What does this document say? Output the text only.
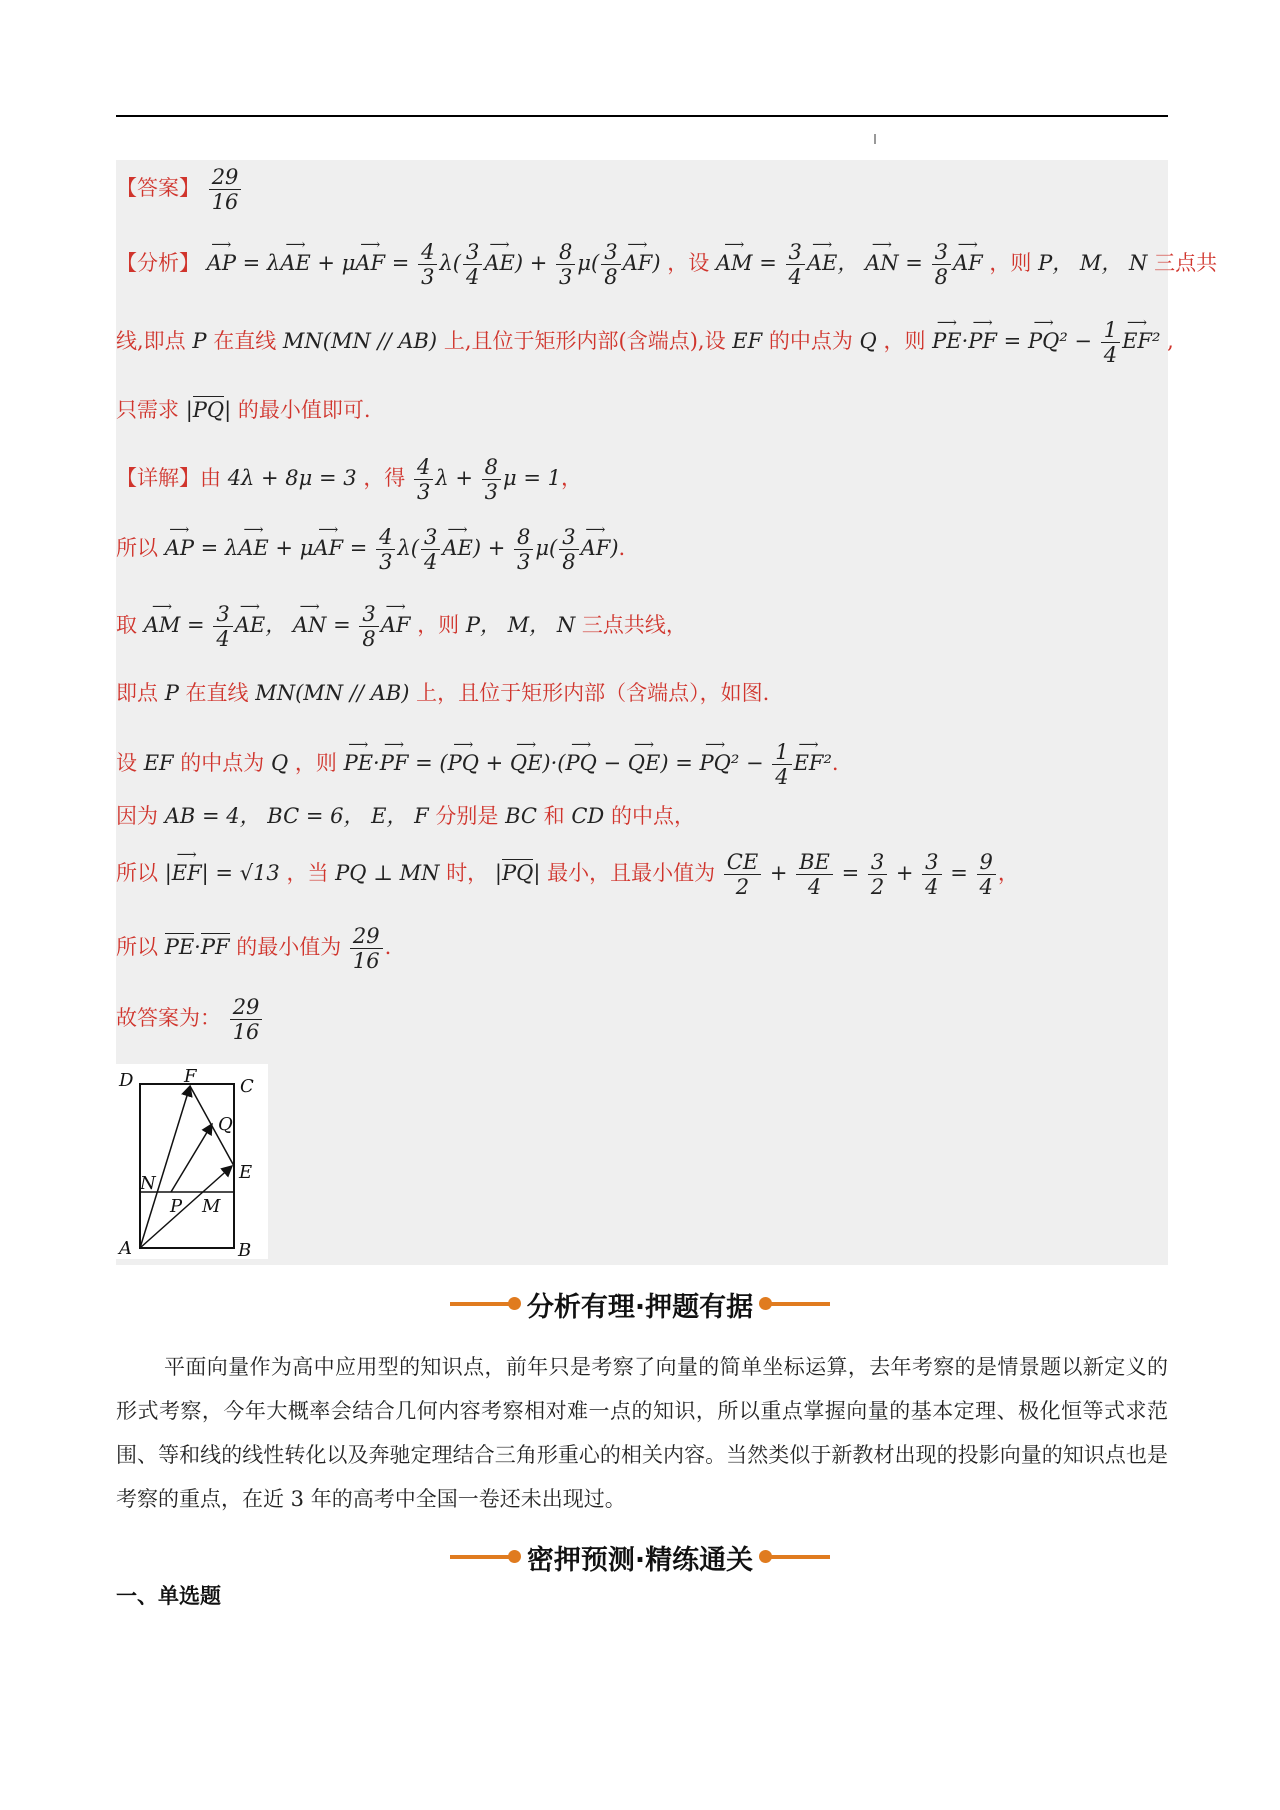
【答案】 $\frac{29}{16}$
【分析】 ⟶ AP = λ⟶ AE + μ⟶ AF = $\frac{4}{3} \lambda( \frac{3}{4}$ ⟶ $AE) + \frac{8}{3} \mu( \frac{3}{8}$ ⟶ AF) ，设 ⟶ AM = $\frac{3}{4}$ ⟶ AE， ⟶ AN = $\frac{3}{8}$ ⟶ AF ，则 P， M， N 三点共
线,即点 P 在直线 MN(MN // AB) 上,且位于矩形内部(含端点),设 EF 的中点为 Q ，则 ⟶ PE·⟶ PF = ⟶ $PQ^2 - \frac{1}{4}$ ⟶ EF² ,
只需求 |PQ| 的最小值即可.
【详解】由 4λ + 8μ = 3 ，得 $\frac{4}{3}$ $\lambda + \frac{8}{3}$ μ = 1，
所以 ⟶ AP = λ⟶ AE + μ⟶ AF = $\frac{4}{3} \lambda( \frac{3}{4}$ ⟶ $AE) + \frac{8}{3} \mu( \frac{3}{8}$ ⟶ AF).
取 ⟶ AM = $\frac{3}{4}$ ⟶ AE， ⟶ AN = $\frac{3}{8}$ ⟶ AF ，则 P， M， N 三点共线，
即点 P 在直线 MN(MN // AB) 上，且位于矩形内部（含端点），如图.
设 EF 的中点为 Q ，则 ⟶ PE·⟶ PF = (⟶ PQ + ⟶ QE)·(⟶ PQ − ⟶ QE) = ⟶ $PQ^2 - \frac{1}{4}$ ⟶ EF².
因为 AB = 4， BC = 6， E， F 分别是 BC 和 CD 的中点，
所以 |⟶ EF| = √13 ，当 PQ ⊥ MN 时， |PQ| 最小，且最小值为 $\frac{CE}{2} + \frac{BE}{4} = \frac{3}{2} + \frac{3}{4} = \frac{9}{4}$ ，
所以 PE·PF 的最小值为 $\frac{29}{16}$ .
故答案为： $\frac{29}{16}$
D	F C
Q
N
E
P M
A	B
分析有理·押题有据
平面向量作为高中应用型的知识点，前年只是考察了向量的简单坐标运算，去年考察的是情景题以新定义的形式考察，今年大概率会结合几何内容考察相对难一点的知识，所以重点掌握向量的基本定理、极化恒等式求范围、等和线的线性转化以及奔驰定理结合三角形重心的相关内容。当然类似于新教材出现的投影向量的知识点也是考察的重点，在近 3 年的高考中全国一卷还未出现过。
密押预测·精练通关
一、单选题
